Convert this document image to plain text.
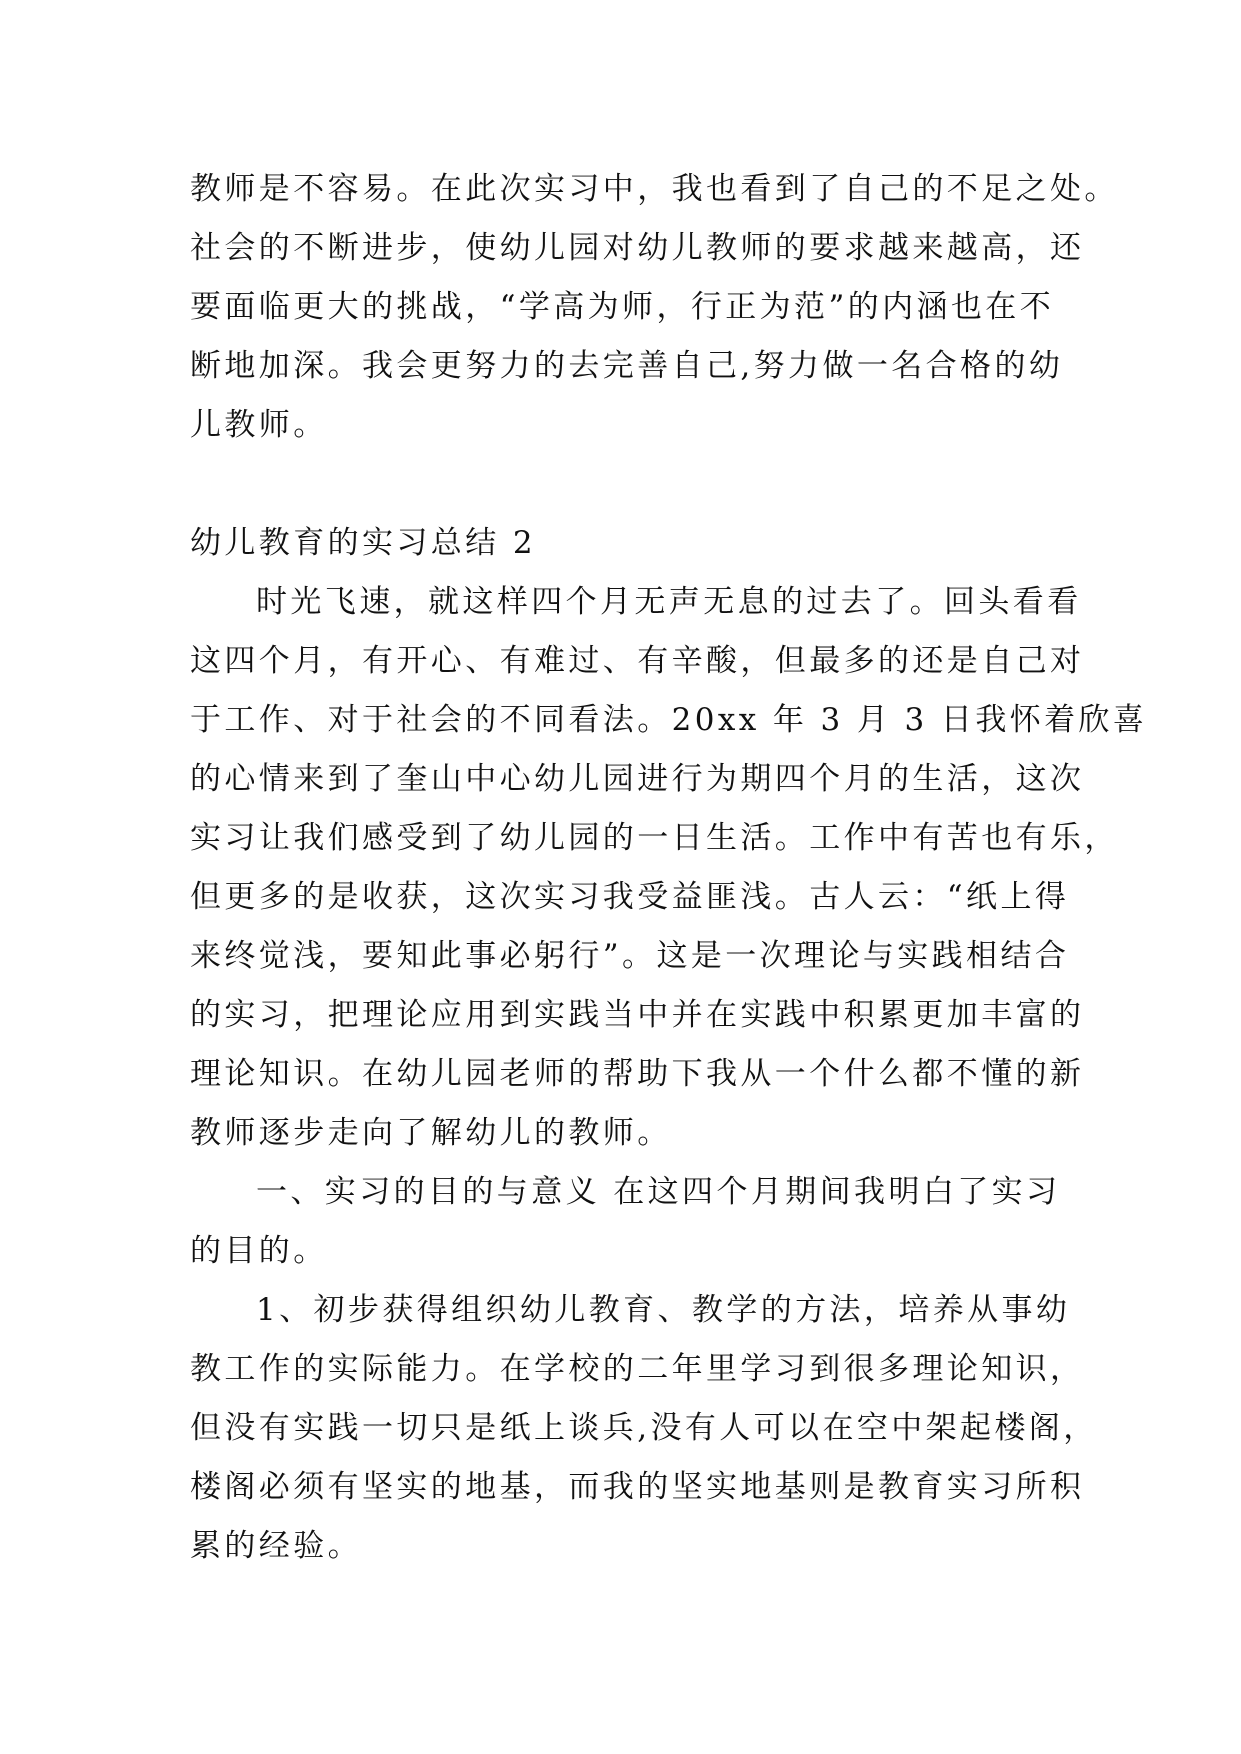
教师是不容易。在此次实习中，我也看到了自己的不足之处。
社会的不断进步，使幼儿园对幼儿教师的要求越来越高，还
要面临更大的挑战，“学高为师，行正为范”的内涵也在不
断地加深。我会更努力的去完善自己,努力做一名合格的幼
儿教师。
幼儿教育的实习总结 2
时光飞速，就这样四个月无声无息的过去了。回头看看
这四个月，有开心、有难过、有辛酸，但最多的还是自己对
于工作、对于社会的不同看法。20xx 年 3 月 3 日我怀着欣喜
的心情来到了奎山中心幼儿园进行为期四个月的生活，这次
实习让我们感受到了幼儿园的一日生活。工作中有苦也有乐，
但更多的是收获，这次实习我受益匪浅。古人云：“纸上得
来终觉浅，要知此事必躬行”。这是一次理论与实践相结合
的实习，把理论应用到实践当中并在实践中积累更加丰富的
理论知识。在幼儿园老师的帮助下我从一个什么都不懂的新
教师逐步走向了解幼儿的教师。
一、实习的目的与意义 在这四个月期间我明白了实习
的目的。
1、初步获得组织幼儿教育、教学的方法，培养从事幼
教工作的实际能力。在学校的二年里学习到很多理论知识，
但没有实践一切只是纸上谈兵,没有人可以在空中架起楼阁，
楼阁必须有坚实的地基，而我的坚实地基则是教育实习所积
累的经验。
